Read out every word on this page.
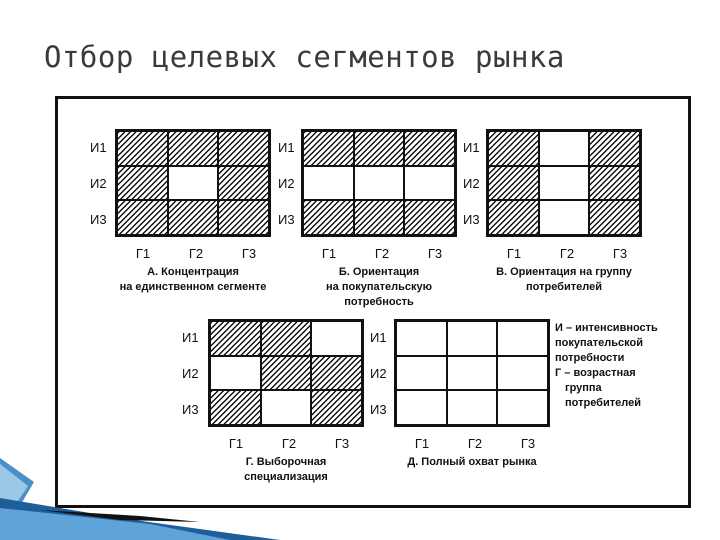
Отбор целевых сегментов рынка
И1
И2
И3
Г1	Г2	Г3
А. Концентрация
на единственном сегменте
И1
И2
И3
Г1	Г2	Г3
Б. Ориентация
на покупательскую
потребность
И1
И2
И3
Г1	Г2	Г3
В. Ориентация на группу
потребителей
И1
И2
И3
Г1	Г2	Г3
Г. Выборочная
специализация
И1
И2
И3
Г1	Г2	Г3
Д. Полный охват рынка
И – интенсивность
покупательской
потребности
Г – возрастная
группа
потребителей
